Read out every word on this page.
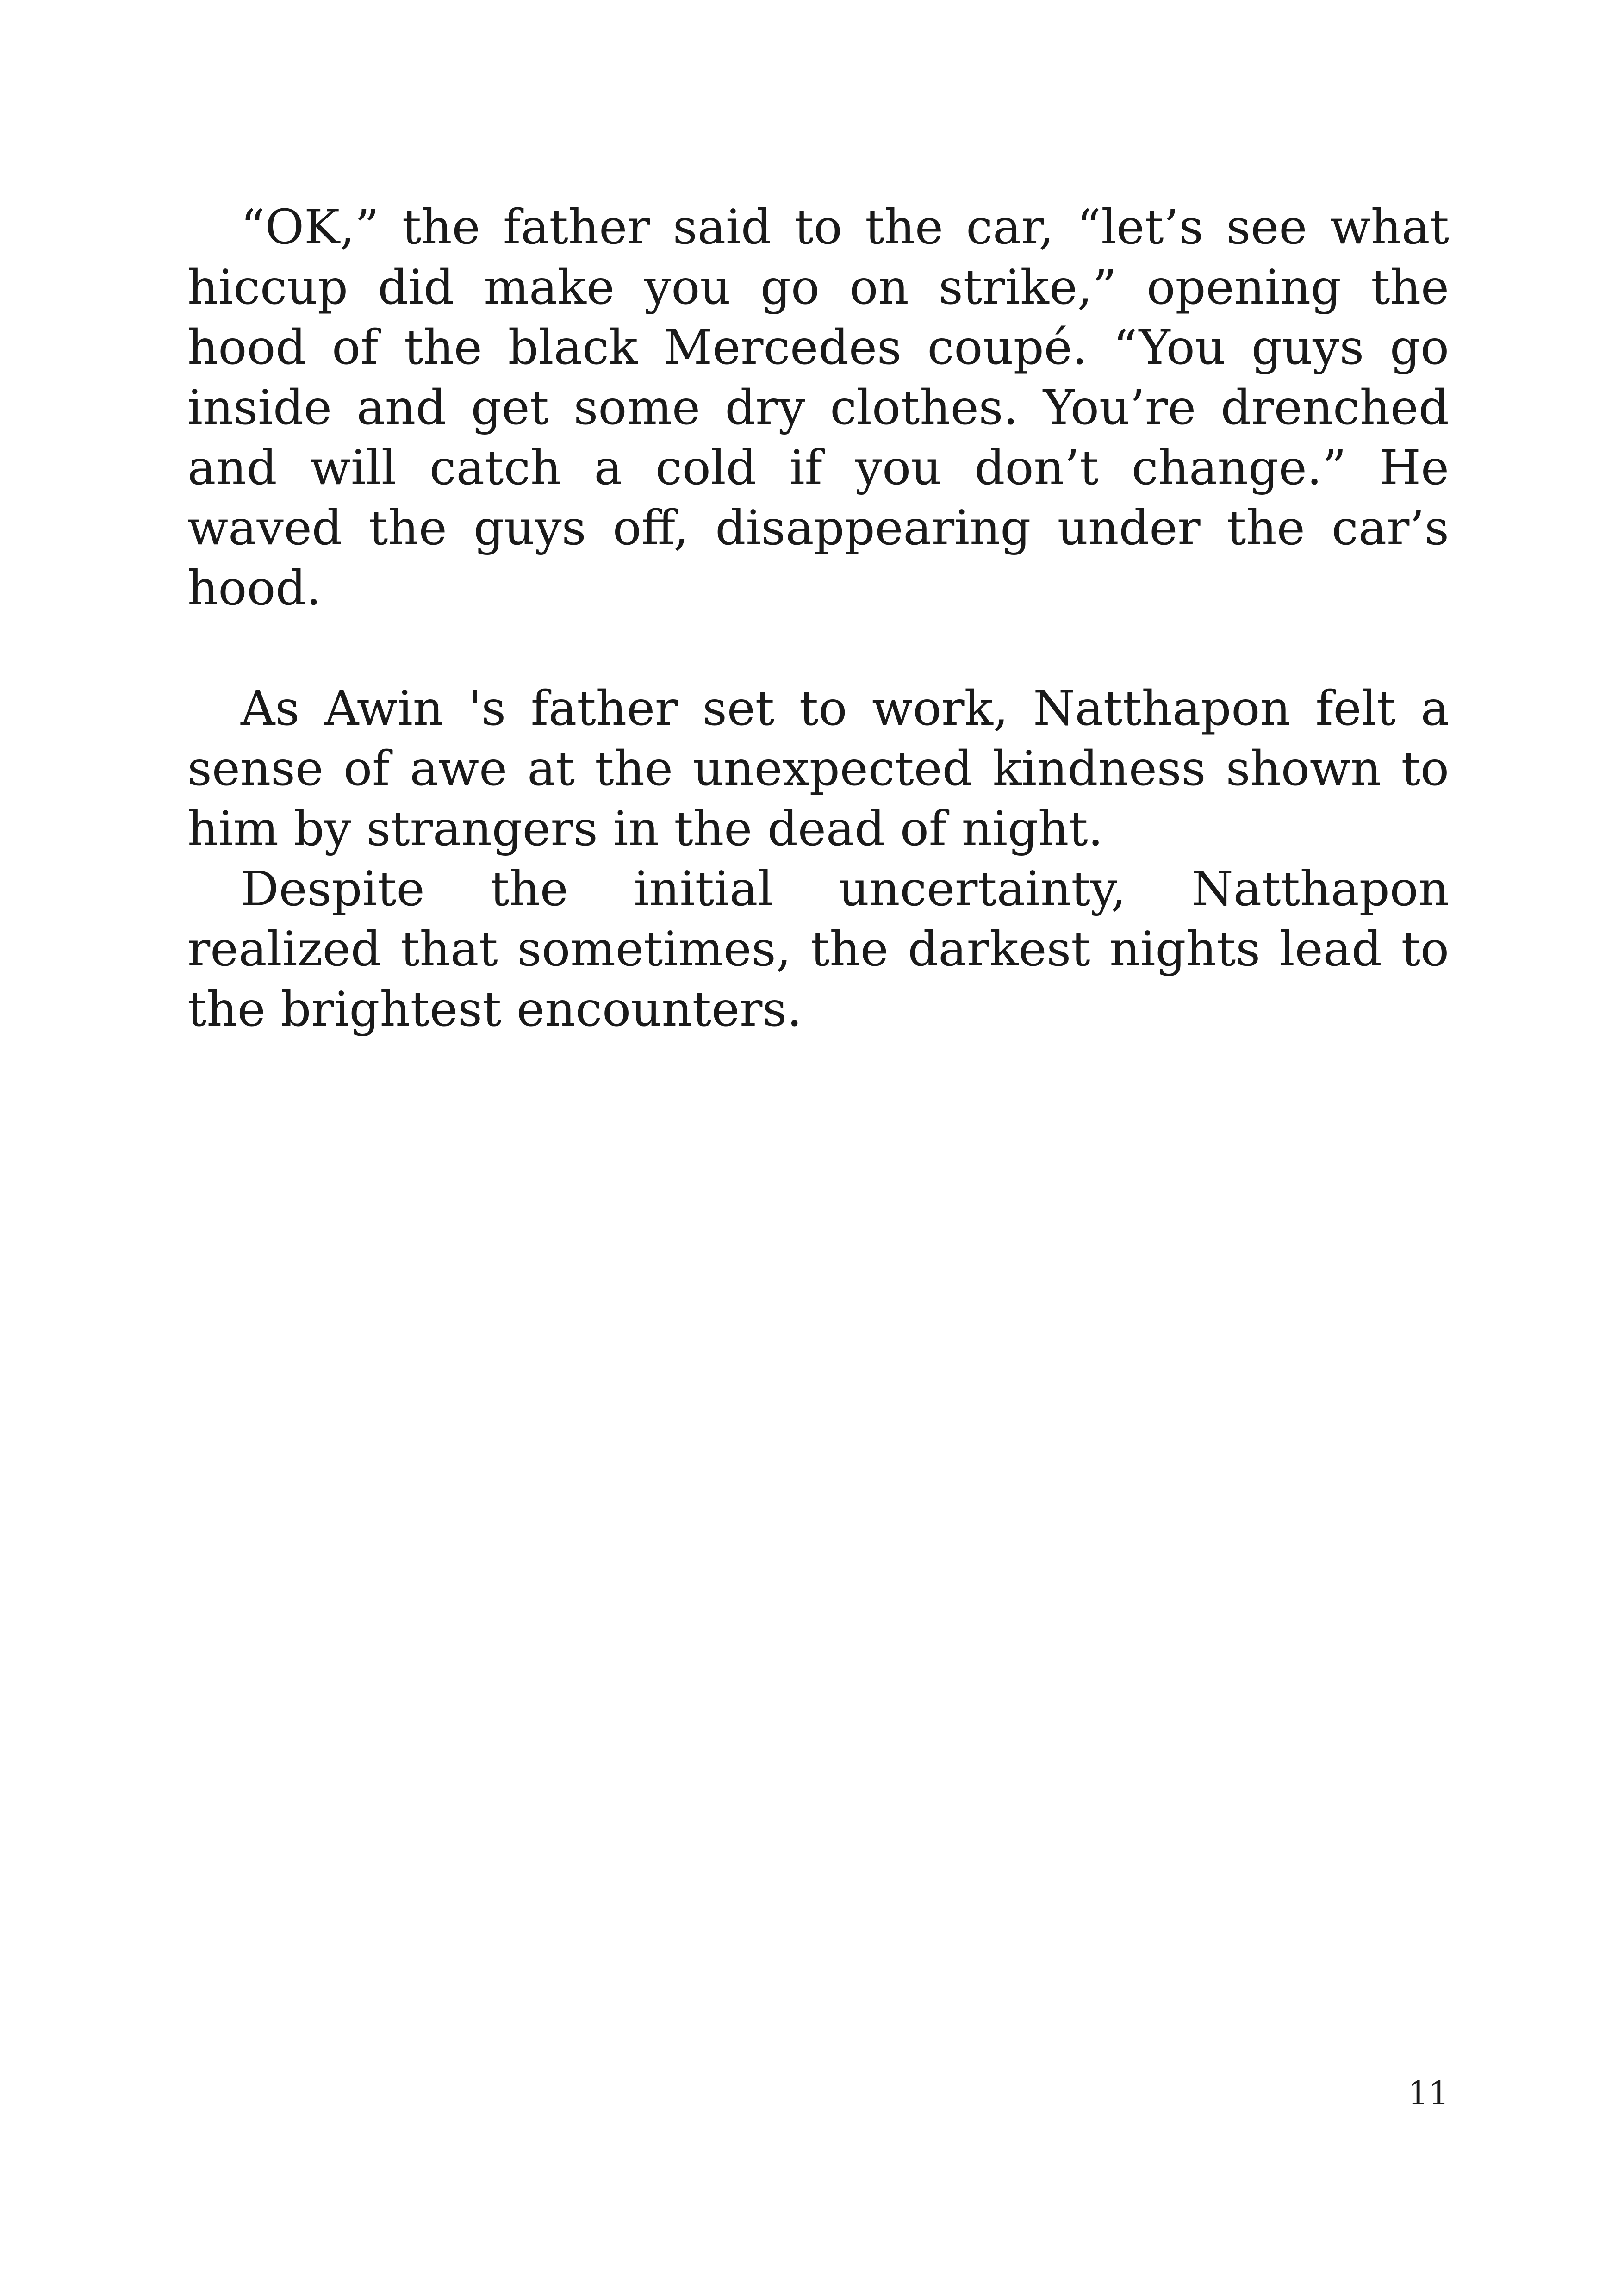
“OK,” the father said to the car, “let’s see what hiccup did make you go on strike,” opening the hood of the black Mercedes coupé. “You guys go inside and get some dry clothes. You’re drenched and will catch a cold if you don’t change.” He waved the guys off, disappearing under the car’s hood.

As Awin 's father set to work, Natthapon felt a sense of awe at the unexpected kindness shown to him by strangers in the dead of night.

Despite the initial uncertainty, Natthapon realized that sometimes, the darkest nights lead to the brightest encounters.

11
